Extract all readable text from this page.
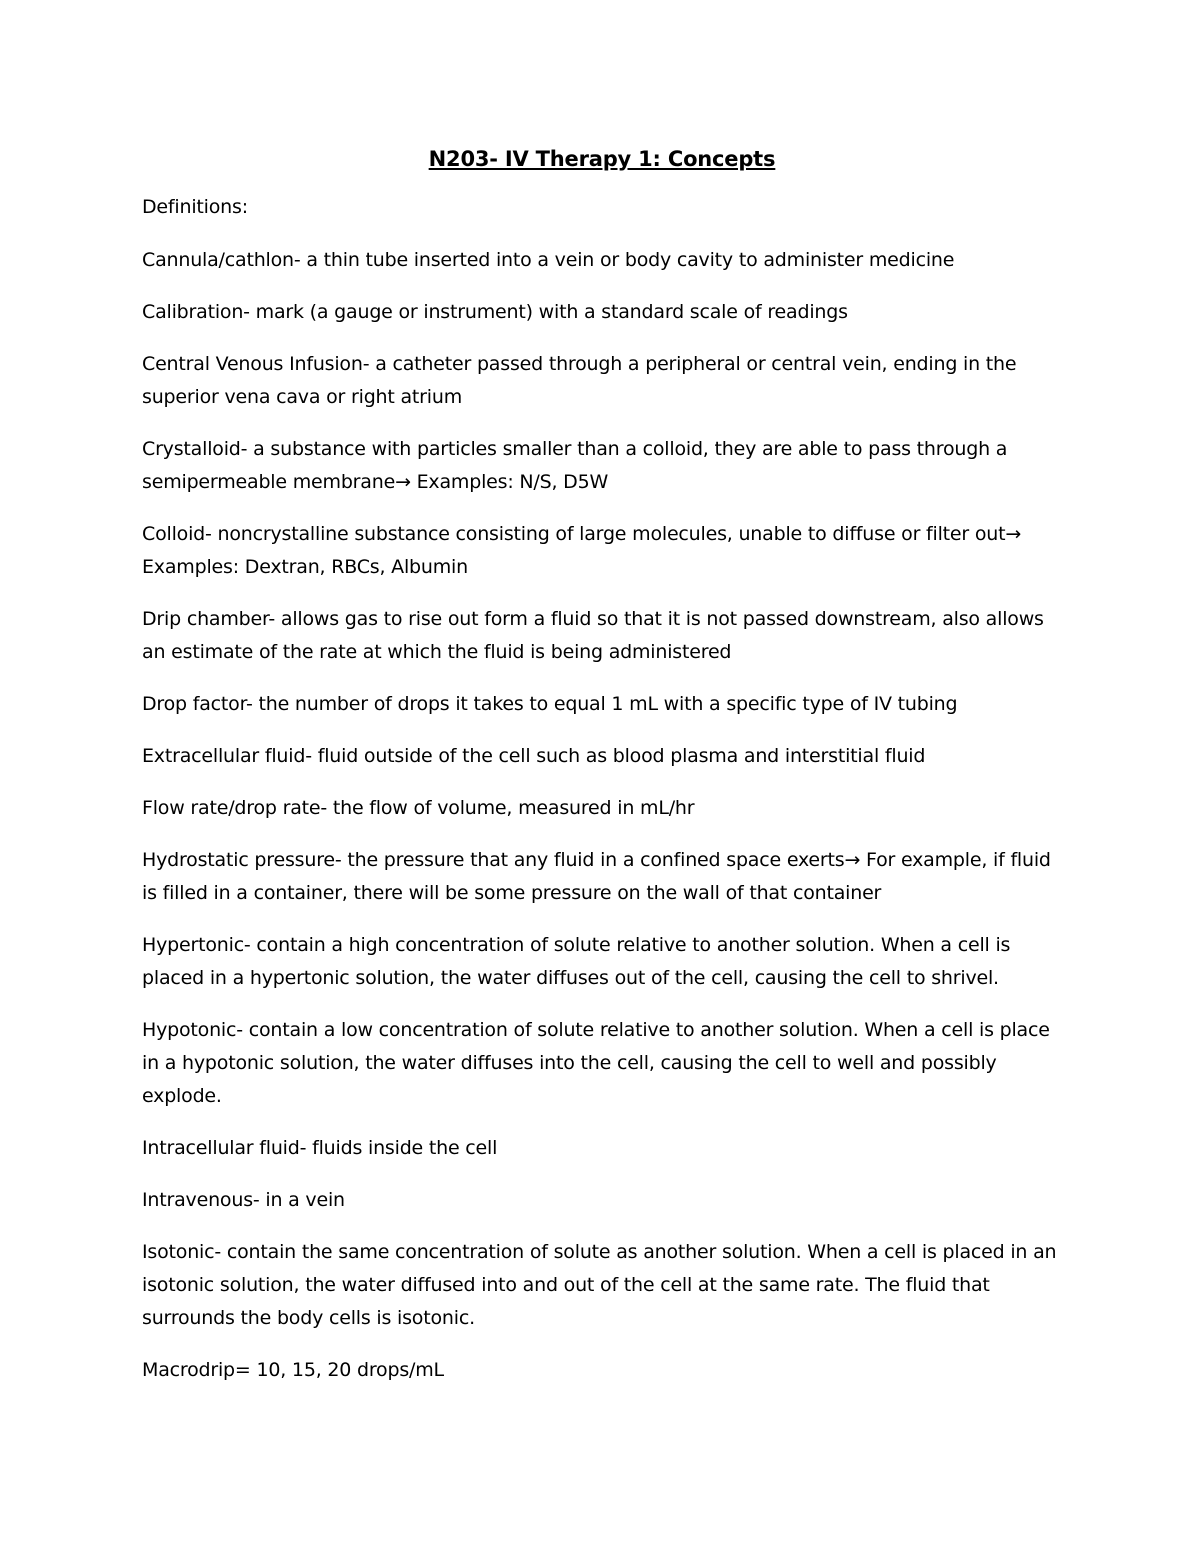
N203- IV Therapy 1: Concepts
Definitions:
Cannula/cathlon- a thin tube inserted into a vein or body cavity to administer medicine
Calibration- mark (a gauge or instrument) with a standard scale of readings
Central Venous Infusion- a catheter passed through a peripheral or central vein, ending in the superior vena cava or right atrium
Crystalloid- a substance with particles smaller than a colloid, they are able to pass through a semipermeable membrane→ Examples: N/S, D5W
Colloid- noncrystalline substance consisting of large molecules, unable to diffuse or filter out→ Examples: Dextran, RBCs, Albumin
Drip chamber- allows gas to rise out form a fluid so that it is not passed downstream, also allows an estimate of the rate at which the fluid is being administered
Drop factor- the number of drops it takes to equal 1 mL with a specific type of IV tubing
Extracellular fluid- fluid outside of the cell such as blood plasma and interstitial fluid
Flow rate/drop rate- the flow of volume, measured in mL/hr
Hydrostatic pressure- the pressure that any fluid in a confined space exerts→ For example, if fluid is filled in a container, there will be some pressure on the wall of that container
Hypertonic- contain a high concentration of solute relative to another solution. When a cell is placed in a hypertonic solution, the water diffuses out of the cell, causing the cell to shrivel.
Hypotonic- contain a low concentration of solute relative to another solution. When a cell is place in a hypotonic solution, the water diffuses into the cell, causing the cell to well and possibly explode.
Intracellular fluid- fluids inside the cell
Intravenous- in a vein
Isotonic- contain the same concentration of solute as another solution. When a cell is placed in an isotonic solution, the water diffused into and out of the cell at the same rate. The fluid that surrounds the body cells is isotonic.
Macrodrip= 10, 15, 20 drops/mL
